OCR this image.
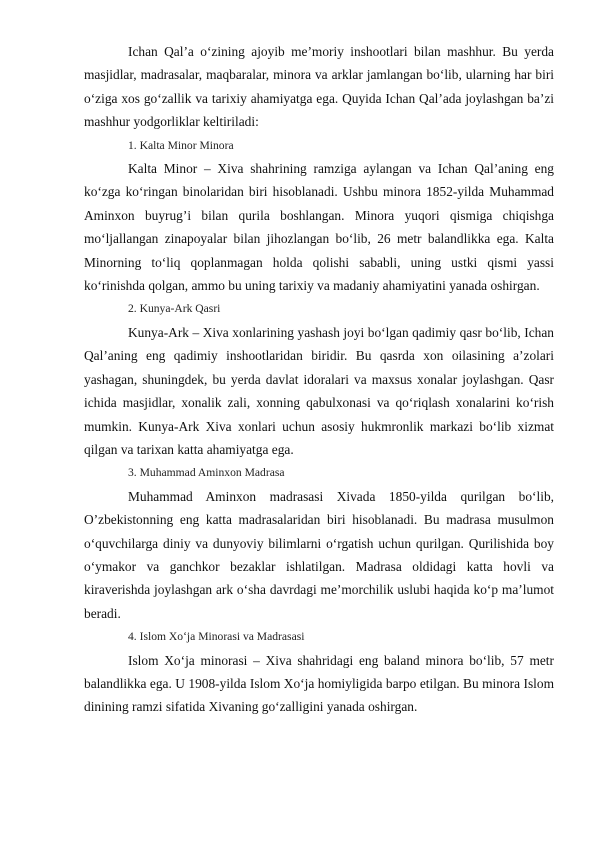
Ichan Qal’a o‘zining ajoyib me’moriy inshootlari bilan mashhur. Bu yerda masjidlar, madrasalar, maqbaralar, minora va arklar jamlangan bo‘lib, ularning har biri o‘ziga xos go‘zallik va tarixiy ahamiyatga ega. Quyida Ichan Qal’ada joylashgan ba’zi mashhur yodgorliklar keltiriladi:

1. Kalta Minor Minora

Kalta Minor – Xiva shahrining ramziga aylangan va Ichan Qal’aning eng ko‘zga ko‘ringan binolaridan biri hisoblanadi. Ushbu minora 1852-yilda Muhammad Aminxon buyrug’i bilan qurila boshlangan. Minora yuqori qismiga chiqishga mo‘ljallangan zinapoyalar bilan jihozlangan bo‘lib, 26 metr balandlikka ega. Kalta Minorning to‘liq qoplanmagan holda qolishi sababli, uning ustki qismi yassi ko‘rinishda qolgan, ammo bu uning tarixiy va madaniy ahamiyatini yanada oshirgan.

2. Kunya-Ark Qasri

Kunya-Ark – Xiva xonlarining yashash joyi bo‘lgan qadimiy qasr bo‘lib, Ichan Qal’aning eng qadimiy inshootlaridan biridir. Bu qasrda xon oilasining a’zolari yashagan, shuningdek, bu yerda davlat idoralari va maxsus xonalar joylashgan. Qasr ichida masjidlar, xonalik zali, xonning qabulxonasi va qo‘riqlash xonalarini ko‘rish mumkin. Kunya-Ark Xiva xonlari uchun asosiy hukmronlik markazi bo‘lib xizmat qilgan va tarixan katta ahamiyatga ega.

3. Muhammad Aminxon Madrasa

Muhammad Aminxon madrasasi Xivada 1850-yilda qurilgan bo‘lib, O’zbekistonning eng katta madrasalaridan biri hisoblanadi. Bu madrasa musulmon o‘quvchilarga diniy va dunyoviy bilimlarni o‘rgatish uchun qurilgan. Qurilishida boy o‘ymakor va ganchkor bezaklar ishlatilgan. Madrasa oldidagi katta hovli va kiraverishda joylashgan ark o‘sha davrdagi me’morchilik uslubi haqida ko‘p ma’lumot beradi.

4. Islom Xo‘ja Minorasi va Madrasasi

Islom Xo‘ja minorasi – Xiva shahridagi eng baland minora bo‘lib, 57 metr balandlikka ega. U 1908-yilda Islom Xo‘ja homiyligida barpo etilgan. Bu minora Islom dinining ramzi sifatida Xivaning go‘zalligini yanada oshirgan.
